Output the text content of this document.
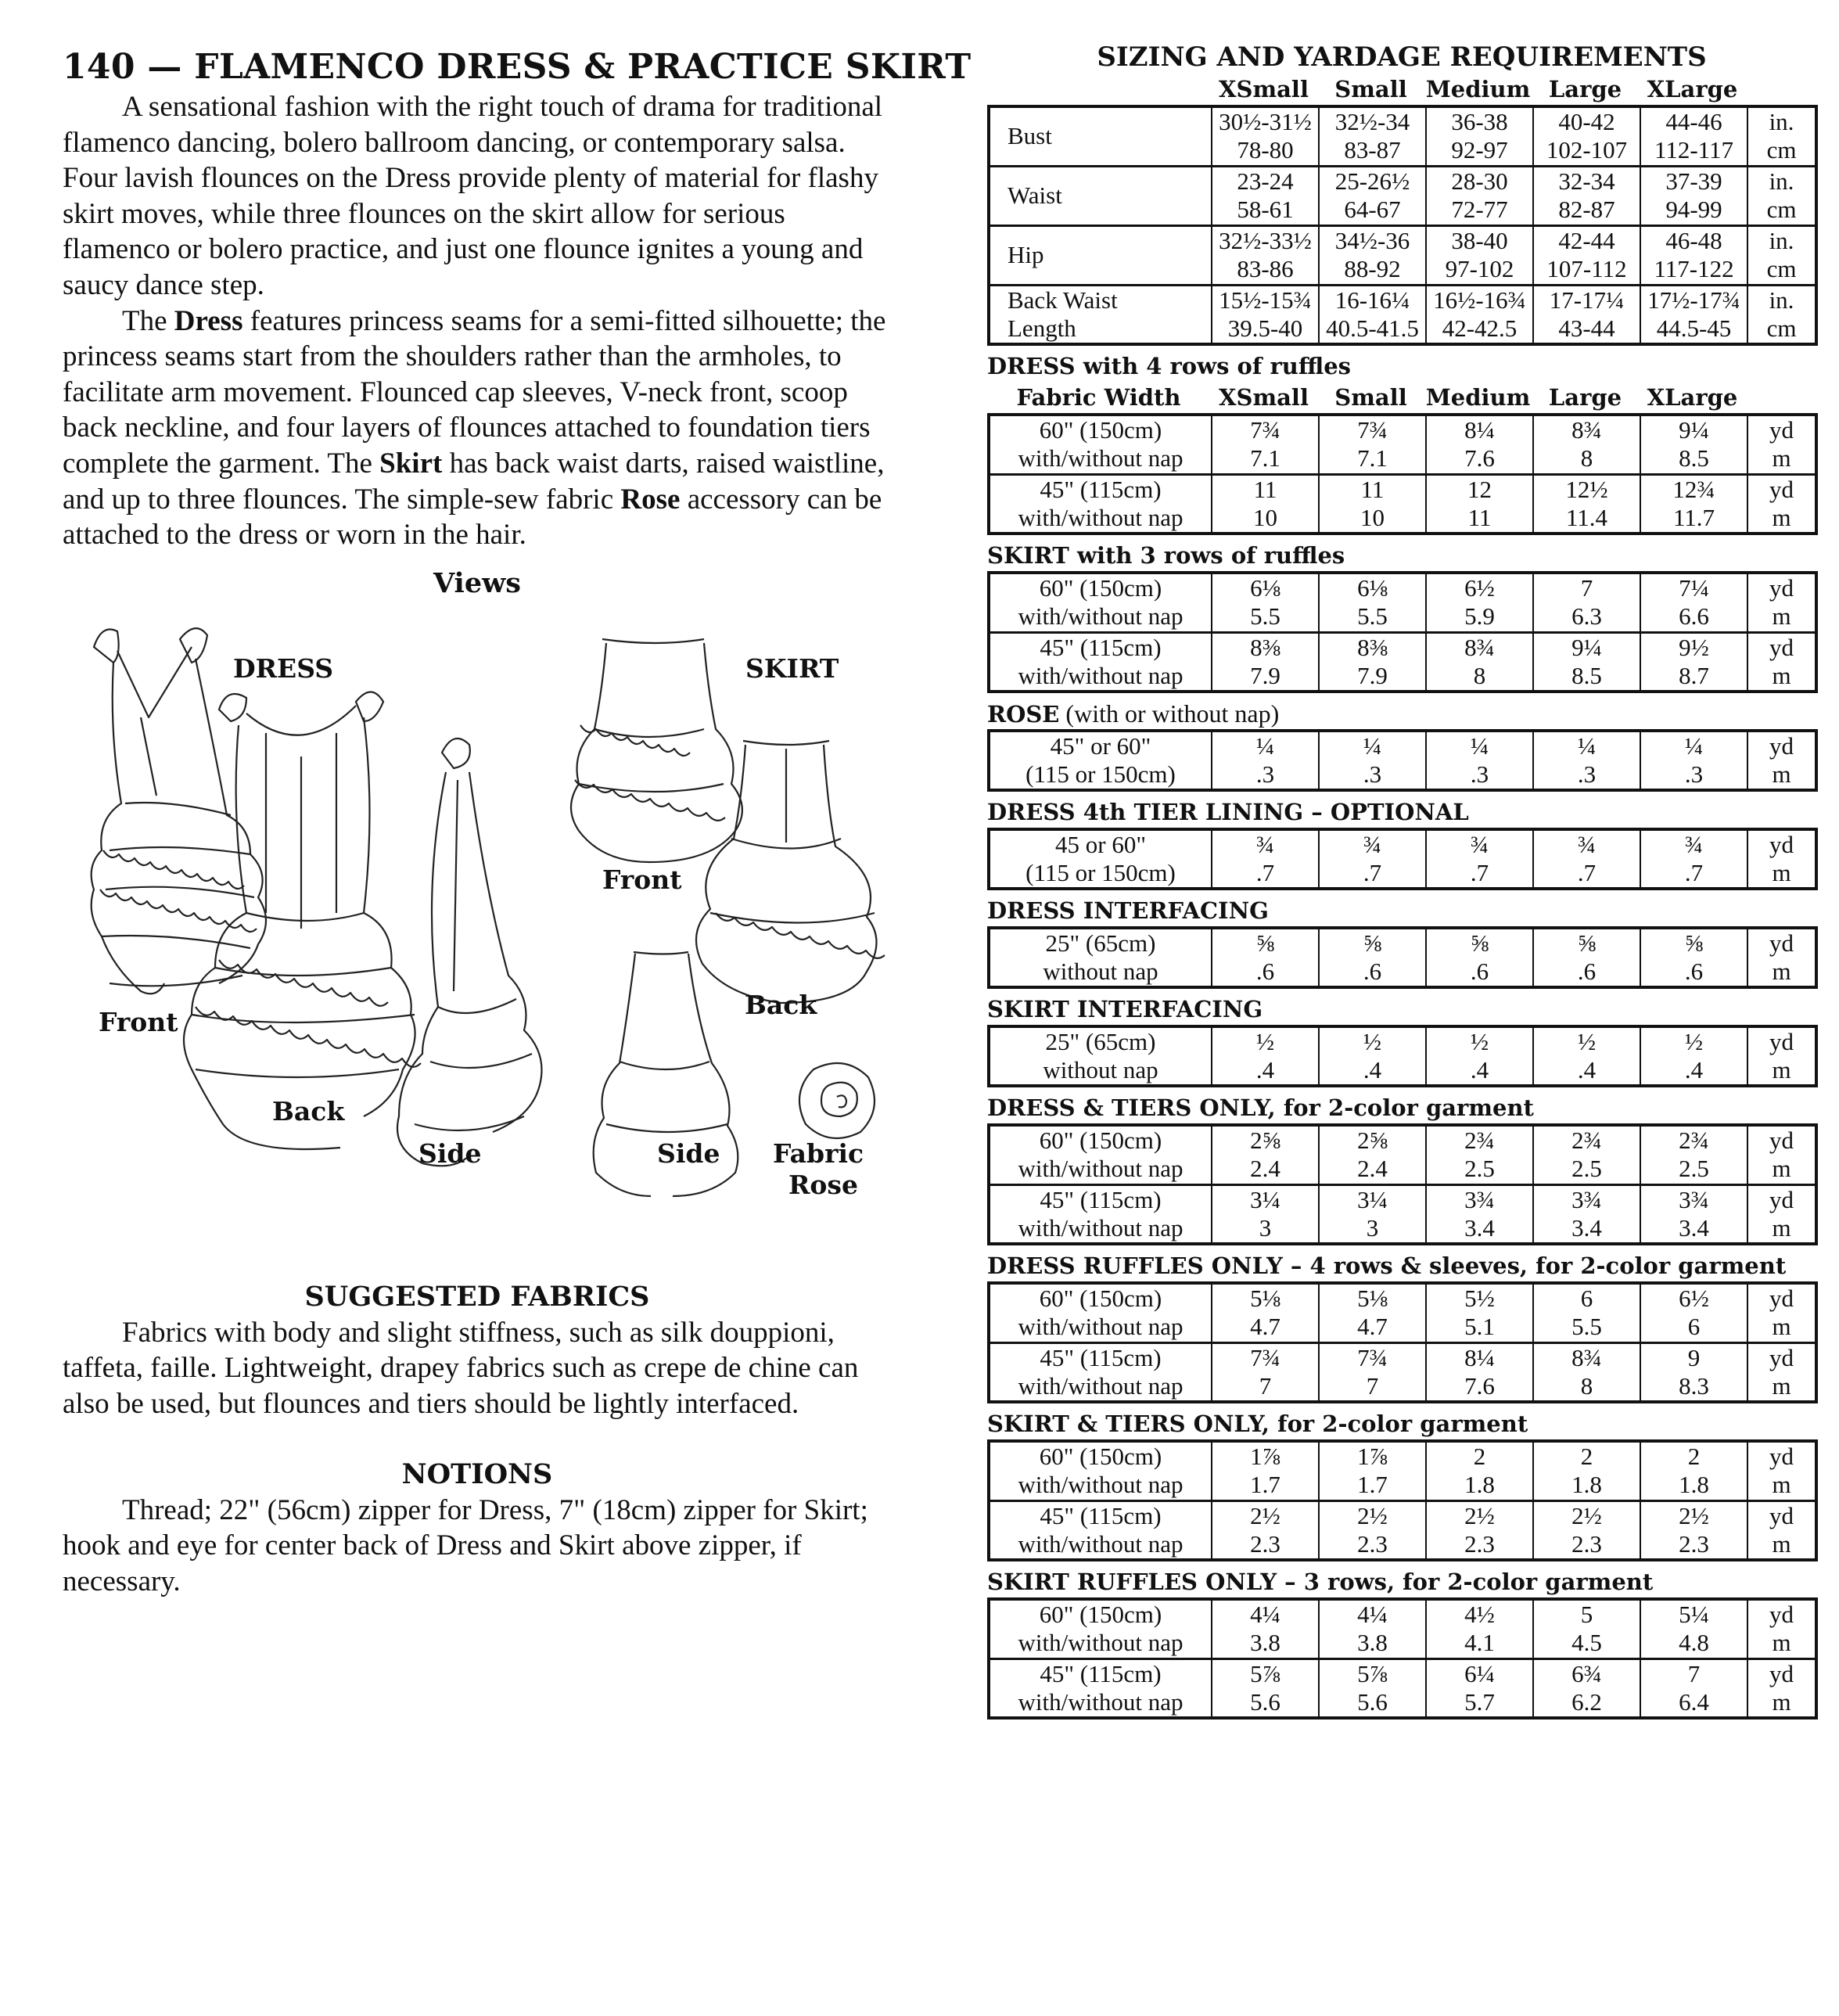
140 — FLAMENCO DRESS & PRACTICE SKIRT

A sensational fashion with the right touch of drama for traditional flamenco dancing, bolero ballroom dancing, or contemporary salsa. Four lavish flounces on the Dress provide plenty of material for flashy skirt moves, while three flounces on the skirt allow for serious flamenco or bolero practice, and just one flounce ignites a young and saucy dance step.

The Dress features princess seams for a semi-fitted silhouette; the princess seams start from the shoulders rather than the armholes, to facilitate arm movement. Flounced cap sleeves, V-neck front, scoop back neckline, and four layers of flounces attached to foundation tiers complete the garment. The Skirt has back waist darts, raised waistline, and up to three flounces. The simple-sew fabric Rose accessory can be attached to the dress or worn in the hair.

Views
DRESS	SKIRT
Front
Back
Side
Front
Back
Side Fabric
Rose
SUGGESTED FABRICS

Fabrics with body and slight stiffness, such as silk douppioni, taffeta, faille. Lightweight, drapey fabrics such as crepe de chine can also be used, but flounces and tiers should be lightly interfaced.

NOTIONS

Thread; 22" (56cm) zipper for Dress, 7" (18cm) zipper for Skirt; hook and eye for center back of Dress and Skirt above zipper, if necessary.

SIZING AND YARDAGE REQUIREMENTS
XSmall	Small Medium Large	XLarge
Bust	30½-31½	32½-34	36-38	40-42	44-46	in.
	78-80	83-87	92-97	102-107	112-117	cm
Waist	23-24	25-26½	28-30	32-34	37-39	in.
	58-61	64-67	72-77	82-87	94-99	cm
Hip	32½-33½	34½-36	38-40	42-44	46-48	in.
	83-86	88-92	97-102	107-112	117-122	cm
Back Waist	15½-15¾	16-16¼	16½-16¾	17-17¼	17½-17¾	in.
Length	39.5-40	40.5-41.5	42-42.5	43-44	44.5-45	cm
DRESS with 4 rows of ruffles
Fabric Width	XSmall	Small Medium Large	XLarge
60" (150cm)	7¾	7¾	8¼	8¾	9¼	yd
with/without nap	7.1	7.1	7.6	8	8.5	m
45" (115cm)	11	11	12	12½	12¾	yd
with/without nap	10	10	11	11.4	11.7	m
SKIRT with 3 rows of ruffles
60" (150cm)	6⅛	6⅛	6½	7	7¼	yd
with/without nap	5.5	5.5	5.9	6.3	6.6	m
45" (115cm)	8⅜	8⅜	8¾	9¼	9½	yd
with/without nap	7.9	7.9	8	8.5	8.7	m
ROSE (with or without nap)
45" or 60"	¼	¼	¼	¼	¼	yd
(115 or 150cm)	.3	.3	.3	.3	.3	m
DRESS 4th TIER LINING – OPTIONAL
45 or 60"	¾	¾	¾	¾	¾	yd
(115 or 150cm)	.7	.7	.7	.7	.7	m
DRESS INTERFACING
25" (65cm)	⅝	⅝	⅝	⅝	⅝	yd
without nap	.6	.6	.6	.6	.6	m
SKIRT INTERFACING
25" (65cm)	½	½	½	½	½	yd
without nap	.4	.4	.4	.4	.4	m
DRESS & TIERS ONLY, for 2-color garment
60" (150cm)	2⅝	2⅝	2¾	2¾	2¾	yd
with/without nap	2.4	2.4	2.5	2.5	2.5	m
45" (115cm)	3¼	3¼	3¾	3¾	3¾	yd
with/without nap	3	3	3.4	3.4	3.4	m
DRESS RUFFLES ONLY – 4 rows & sleeves, for 2-color garment
60" (150cm)	5⅛	5⅛	5½	6	6½	yd
with/without nap	4.7	4.7	5.1	5.5	6	m
45" (115cm)	7¾	7¾	8¼	8¾	9	yd
with/without nap	7	7	7.6	8	8.3	m
SKIRT & TIERS ONLY, for 2-color garment
60" (150cm)	1⅞	1⅞	2	2	2	yd
with/without nap	1.7	1.7	1.8	1.8	1.8	m
45" (115cm)	2½	2½	2½	2½	2½	yd
with/without nap	2.3	2.3	2.3	2.3	2.3	m
SKIRT RUFFLES ONLY – 3 rows, for 2-color garment
60" (150cm)	4¼	4¼	4½	5	5¼	yd
with/without nap	3.8	3.8	4.1	4.5	4.8	m
45" (115cm)	5⅞	5⅞	6¼	6¾	7	yd
with/without nap	5.6	5.6	5.7	6.2	6.4	m
